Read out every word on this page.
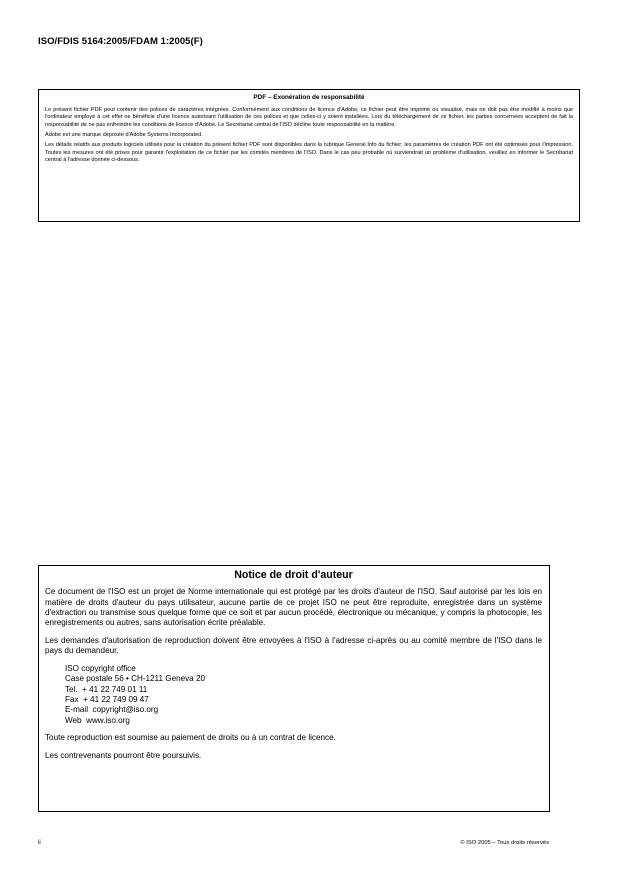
ISO/FDIS 5164:2005/FDAM 1:2005(F)
PDF – Exonération de responsabilité

Le présent fichier PDF peut contenir des polices de caractères intégrées. Conformément aux conditions de licence d'Adobe, ce fichier peut être imprimé ou visualisé, mais ne doit pas être modifié à moins que l'ordinateur employé à cet effet ne bénéficie d'une licence autorisant l'utilisation de ces polices et que celles-ci y soient installées. Lors du téléchargement de ce fichier, les parties concernées acceptent de fait la responsabilité de ne pas enfreindre les conditions de licence d'Adobe. Le Secrétariat central de l'ISO décline toute responsabilité en la matière.

Adobe est une marque déposée d'Adobe Systems Incorporated.

Les détails relatifs aux produits logiciels utilisés pour la création du présent fichier PDF sont disponibles dans la rubrique General Info du fichier; les paramètres de création PDF ont été optimisés pour l'impression. Toutes les mesures ont été prises pour garantir l'exploitation de ce fichier par les comités membres de l'ISO. Dans le cas peu probable où surviendrait un problème d'utilisation, veuillez en informer le Secrétariat central à l'adresse donnée ci-dessous.

Notice de droit d'auteur

Ce document de l'ISO est un projet de Norme internationale qui est protégé par les droits d'auteur de l'ISO. Sauf autorisé par les lois en matière de droits d'auteur du pays utilisateur, aucune partie de ce projet ISO ne peut être reproduite, enregistrée dans un système d'extraction ou transmise sous quelque forme que ce soit et par aucun procédé, électronique ou mécanique, y compris la photocopie, les enregistrements ou autres, sans autorisation écrite préalable.

Les demandes d'autorisation de reproduction doivent être envoyées à l'ISO à l'adresse ci-après ou au comité membre de l'ISO dans le pays du demandeur.

ISO copyright office
Case postale 56 • CH-1211 Geneva 20
Tel.  + 41 22 749 01 11
Fax  + 41 22 749 09 47
E-mail  copyright@iso.org
Web  www.iso.org

Toute reproduction est soumise au paiement de droits ou à un contrat de licence.

Les contrevenants pourront être poursuivis.

ii	© ISO 2005 – Tous droits réservés
